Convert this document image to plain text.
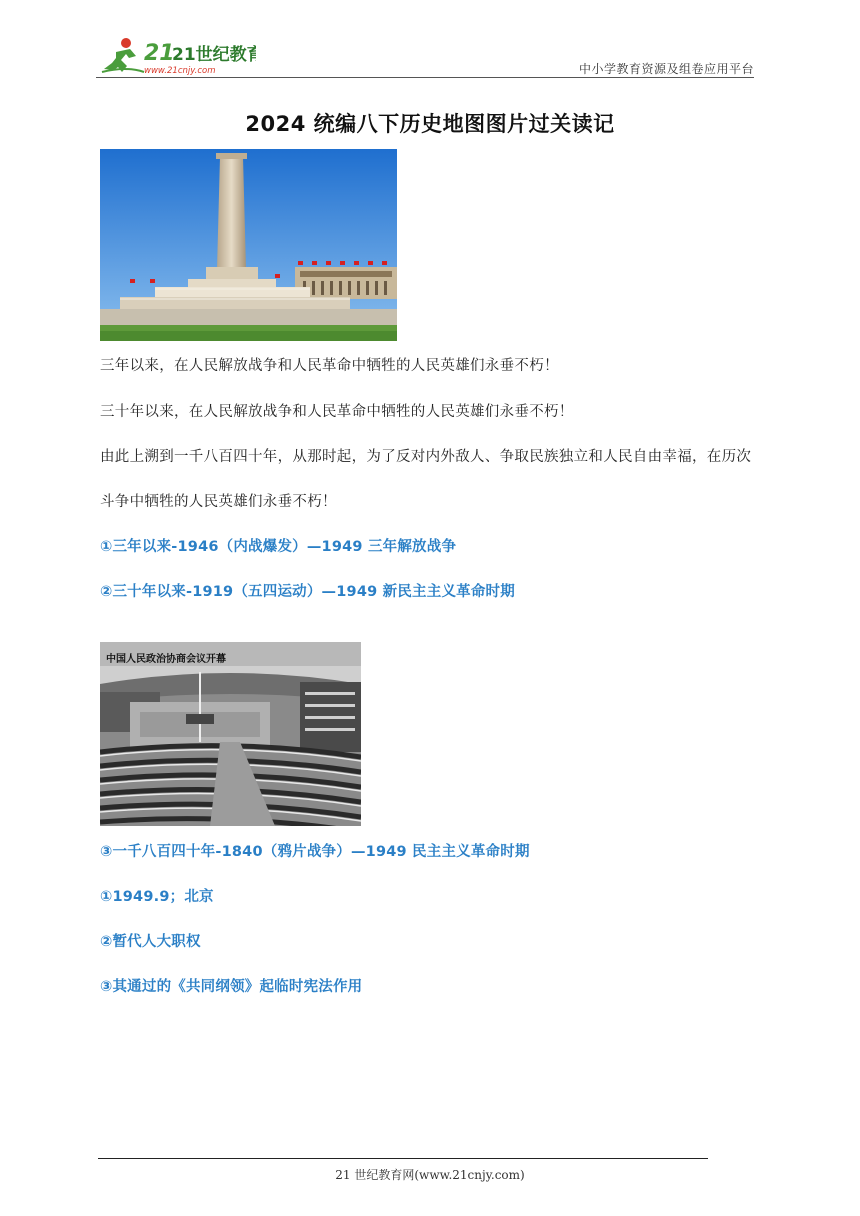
21
21世纪教育
www.21cnjy.com	中小学教育资源及组卷应用平台
2024 统编八下历史地图图片过关读记
三年以来，在人民解放战争和人民革命中牺牲的人民英雄们永垂不朽！
三十年以来，在人民解放战争和人民革命中牺牲的人民英雄们永垂不朽！
由此上溯到一千八百四十年，从那时起，为了反对内外敌人、争取民族独立和人民自由幸福，在历次
斗争中牺牲的人民英雄们永垂不朽！
①三年以来-1946（内战爆发）—1949 三年解放战争
②三十年以来-1919（五四运动）—1949 新民主主义革命时期
中国人民政治协商会议开幕
③一千八百四十年-1840（鸦片战争）—1949 民主主义革命时期
①1949.9；北京
②暂代人大职权
③其通过的《共同纲领》起临时宪法作用
21 世纪教育网(www.21cnjy.com)
